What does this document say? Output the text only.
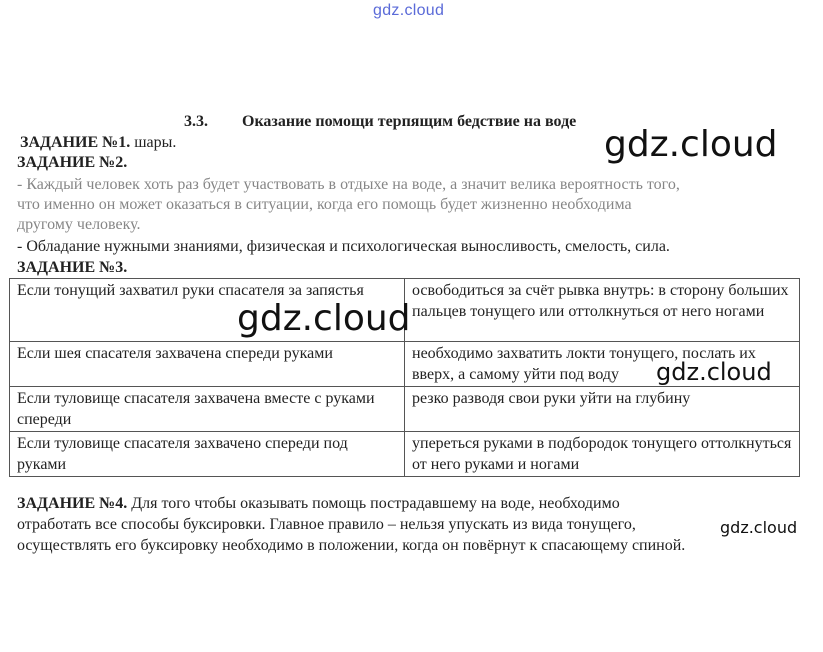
gdz.cloud
gdz.cloud
gdz.cloud
gdz.cloud
gdz.cloud
3.3. Оказание помощи терпящим бедствие на воде
ЗАДАНИЕ №1. шары.
ЗАДАНИЕ №2.
- Каждый человек хоть раз будет участвовать в отдыхе на воде, а значит велика вероятность того,
что именно он может оказаться в ситуации, когда его помощь будет жизненно необходима
другому человеку.
- Обладание нужными знаниями, физическая и психологическая выносливость, смелость, сила.
ЗАДАНИЕ №3.
Если тонущий захватил руки спасателя за запястья	освободиться за счёт рывка внутрь: в сторону больших пальцев тонущего или оттолкнуться от него ногами
Если шея спасателя захвачена спереди руками	необходимо захватить локти тонущего, послать их вверх, а самому уйти под воду
Если туловище спасателя захвачена вместе с руками спереди	резко разводя свои руки уйти на глубину
Если туловище спасателя захвачено спереди под руками	упереться руками в подбородок тонущего оттолкнуться от него руками и ногами

ЗАДАНИЕ №4. Для того чтобы оказывать помощь пострадавшему на воде, необходимо

отработать все способы буксировки. Главное правило – нельзя упускать из вида тонущего,

осуществлять его буксировку необходимо в положении, когда он повёрнут к спасающему спиной.
